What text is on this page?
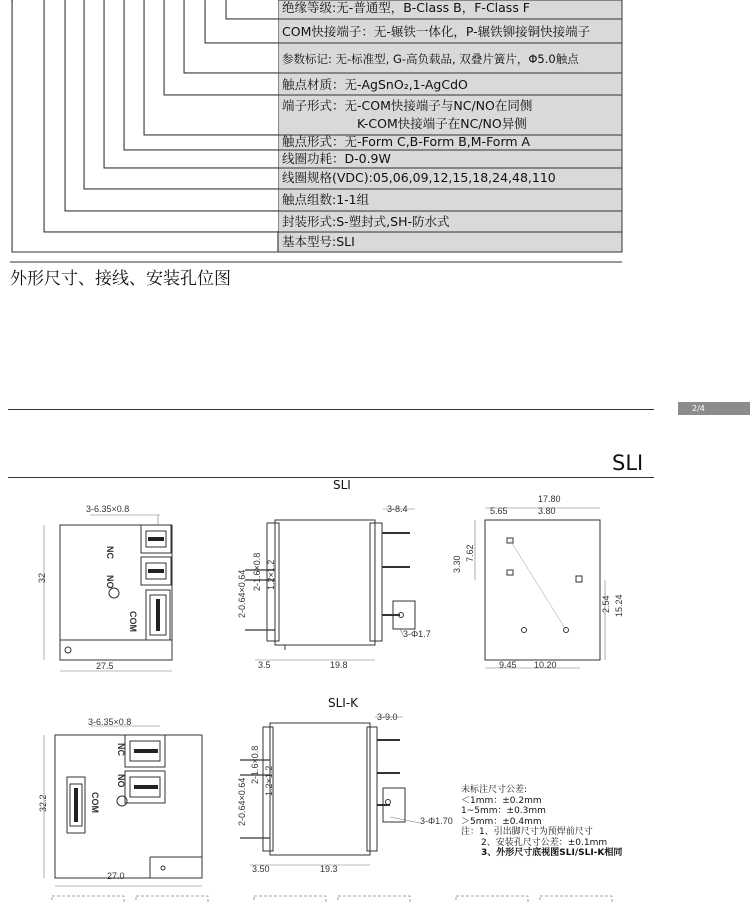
绝缘等级:无-普通型，B-Class B，F-Class F
COM快接端子：无-辗铁一体化，P-辗铁铆接铜快接端子
参数标记: 无-标准型, G-高负载品, 双叠片簧片，Φ5.0触点
触点材质：无-AgSnO₂,1-AgCdO
端子形式：无-COM快接端子与NC/NO在同侧
K-COM快接端子在NC/NO异侧
触点形式：无-Form C,B-Form B,M-Form A
线圈功耗：D-0.9W
线圈规格(VDC):05,06,09,12,15,18,24,48,110
触点组数:1-1组
封装形式:S-塑封式,SH-防水式
基本型号:SLI
外形尺寸、接线、安装孔位图
2/4
SLI
SLI
3-6.35×0.8
32
27.5
NC
NO
COM
3-8.4
2-1.6×0.8
2-0.64×0.64 1.2×1.2
3-Φ1.7
3.5	19.8
17.80
5.65	3.80
3.30
7.62
2.54 15.24
9.45 10.20
SLI-K
3-6.35×0.8
32.2
27.0
NC
NO
COM
3-9.0
2-1.6×0.8
2-0.64×0.64 1.2×1.2
3-Φ1.70
3.50	19.3
未标注尺寸公差:
＜1mm：±0.2mm
1~5mm：±0.3mm
＞5mm：±0.4mm
注：1、引出脚尺寸为预焊前尺寸
2、安装孔尺寸公差：±0.1mm
3、外形尺寸底视图SLI/SLI-K相同
